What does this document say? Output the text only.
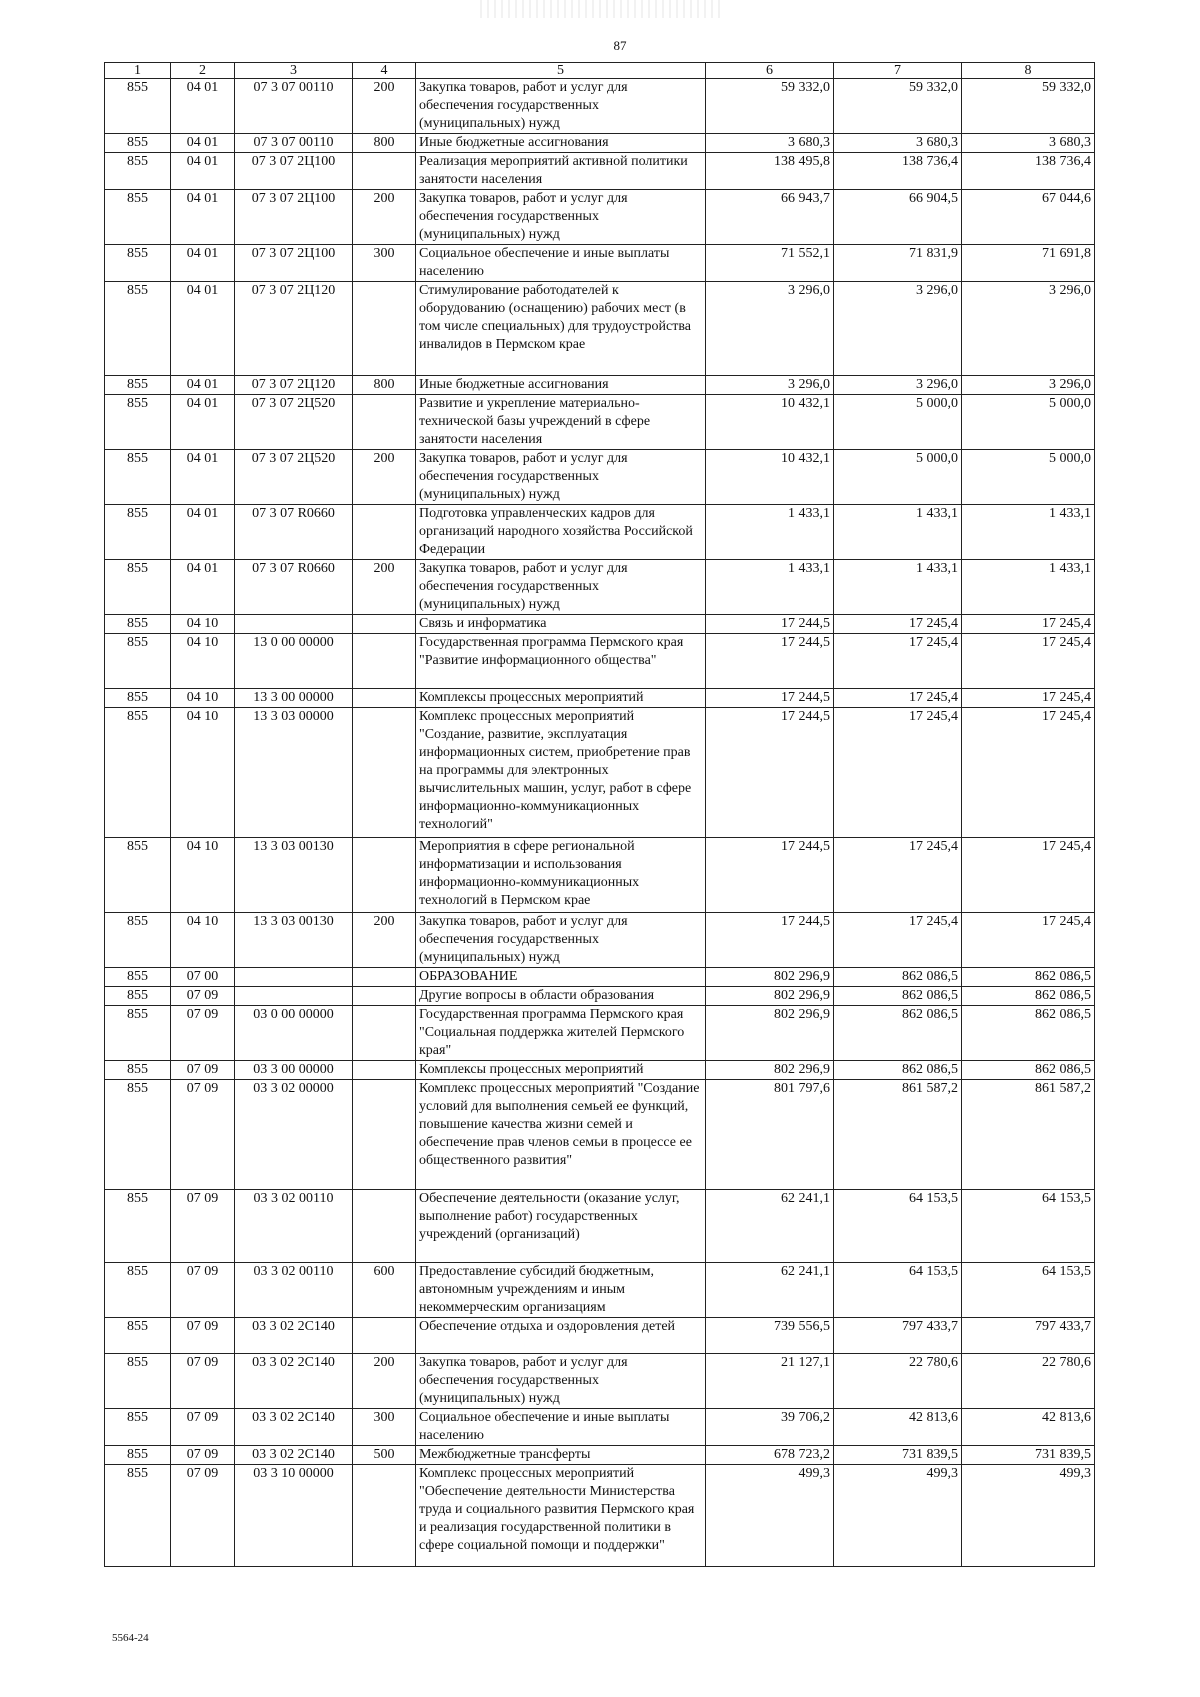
87
1	2	3	4	5	6	7	8
855	04 01	07 3 07 00110	200	Закупка товаров, работ и услуг для обеспечения государственных (муниципальных) нужд	59 332,0	59 332,0	59 332,0
855	04 01	07 3 07 00110	800	Иные бюджетные ассигнования	3 680,3	3 680,3	3 680,3
855	04 01	07 3 07 2Ц100		Реализация мероприятий активной политики занятости населения	138 495,8	138 736,4	138 736,4
855	04 01	07 3 07 2Ц100	200	Закупка товаров, работ и услуг для обеспечения государственных (муниципальных) нужд	66 943,7	66 904,5	67 044,6
855	04 01	07 3 07 2Ц100	300	Социальное обеспечение и иные выплаты населению	71 552,1	71 831,9	71 691,8
855	04 01	07 3 07 2Ц120		Стимулирование работодателей к оборудованию (оснащению) рабочих мест (в том числе специальных) для трудоустройства инвалидов в Пермском крае	3 296,0	3 296,0	3 296,0
855	04 01	07 3 07 2Ц120	800	Иные бюджетные ассигнования	3 296,0	3 296,0	3 296,0
855	04 01	07 3 07 2Ц520		Развитие и укрепление материально-технической базы учреждений в сфере занятости населения	10 432,1	5 000,0	5 000,0
855	04 01	07 3 07 2Ц520	200	Закупка товаров, работ и услуг для обеспечения государственных (муниципальных) нужд	10 432,1	5 000,0	5 000,0
855	04 01	07 3 07 R0660		Подготовка управленческих кадров для организаций народного хозяйства Российской Федерации	1 433,1	1 433,1	1 433,1
855	04 01	07 3 07 R0660	200	Закупка товаров, работ и услуг для обеспечения государственных (муниципальных) нужд	1 433,1	1 433,1	1 433,1
855	04 10			Связь и информатика	17 244,5	17 245,4	17 245,4
855	04 10	13 0 00 00000		Государственная программа Пермского края "Развитие информационного общества"	17 244,5	17 245,4	17 245,4
855	04 10	13 3 00 00000		Комплексы процессных мероприятий	17 244,5	17 245,4	17 245,4
855	04 10	13 3 03 00000		Комплекс процессных мероприятий "Создание, развитие, эксплуатация информационных систем, приобретение прав на программы для электронных вычислительных машин, услуг, работ в сфере информационно-коммуникационных технологий"	17 244,5	17 245,4	17 245,4
855	04 10	13 3 03 00130		Мероприятия в сфере региональной информатизации и использования информационно-коммуникационных технологий в Пермском крае	17 244,5	17 245,4	17 245,4
855	04 10	13 3 03 00130	200	Закупка товаров, работ и услуг для обеспечения государственных (муниципальных) нужд	17 244,5	17 245,4	17 245,4
855	07 00			ОБРАЗОВАНИЕ	802 296,9	862 086,5	862 086,5
855	07 09			Другие вопросы в области образования	802 296,9	862 086,5	862 086,5
855	07 09	03 0 00 00000		Государственная программа Пермского края "Социальная поддержка жителей Пермского края"	802 296,9	862 086,5	862 086,5
855	07 09	03 3 00 00000		Комплексы процессных мероприятий	802 296,9	862 086,5	862 086,5
855	07 09	03 3 02 00000		Комплекс процессных мероприятий "Создание условий для выполнения семьей ее функций, повышение качества жизни семей и обеспечение прав членов семьи в процессе ее общественного развития"	801 797,6	861 587,2	861 587,2
855	07 09	03 3 02 00110		Обеспечение деятельности (оказание услуг, выполнение работ) государственных учреждений (организаций)	62 241,1	64 153,5	64 153,5
855	07 09	03 3 02 00110	600	Предоставление субсидий бюджетным, автономным учреждениям и иным некоммерческим организациям	62 241,1	64 153,5	64 153,5
855	07 09	03 3 02 2С140		Обеспечение отдыха и оздоровления детей	739 556,5	797 433,7	797 433,7
855	07 09	03 3 02 2С140	200	Закупка товаров, работ и услуг для обеспечения государственных (муниципальных) нужд	21 127,1	22 780,6	22 780,6
855	07 09	03 3 02 2С140	300	Социальное обеспечение и иные выплаты населению	39 706,2	42 813,6	42 813,6
855	07 09	03 3 02 2С140	500	Межбюджетные трансферты	678 723,2	731 839,5	731 839,5
855	07 09	03 3 10 00000		Комплекс процессных мероприятий "Обеспечение деятельности Министерства труда и социального развития Пермского края и реализация государственной политики в сфере социальной помощи и поддержки"	499,3	499,3	499,3
5564-24
